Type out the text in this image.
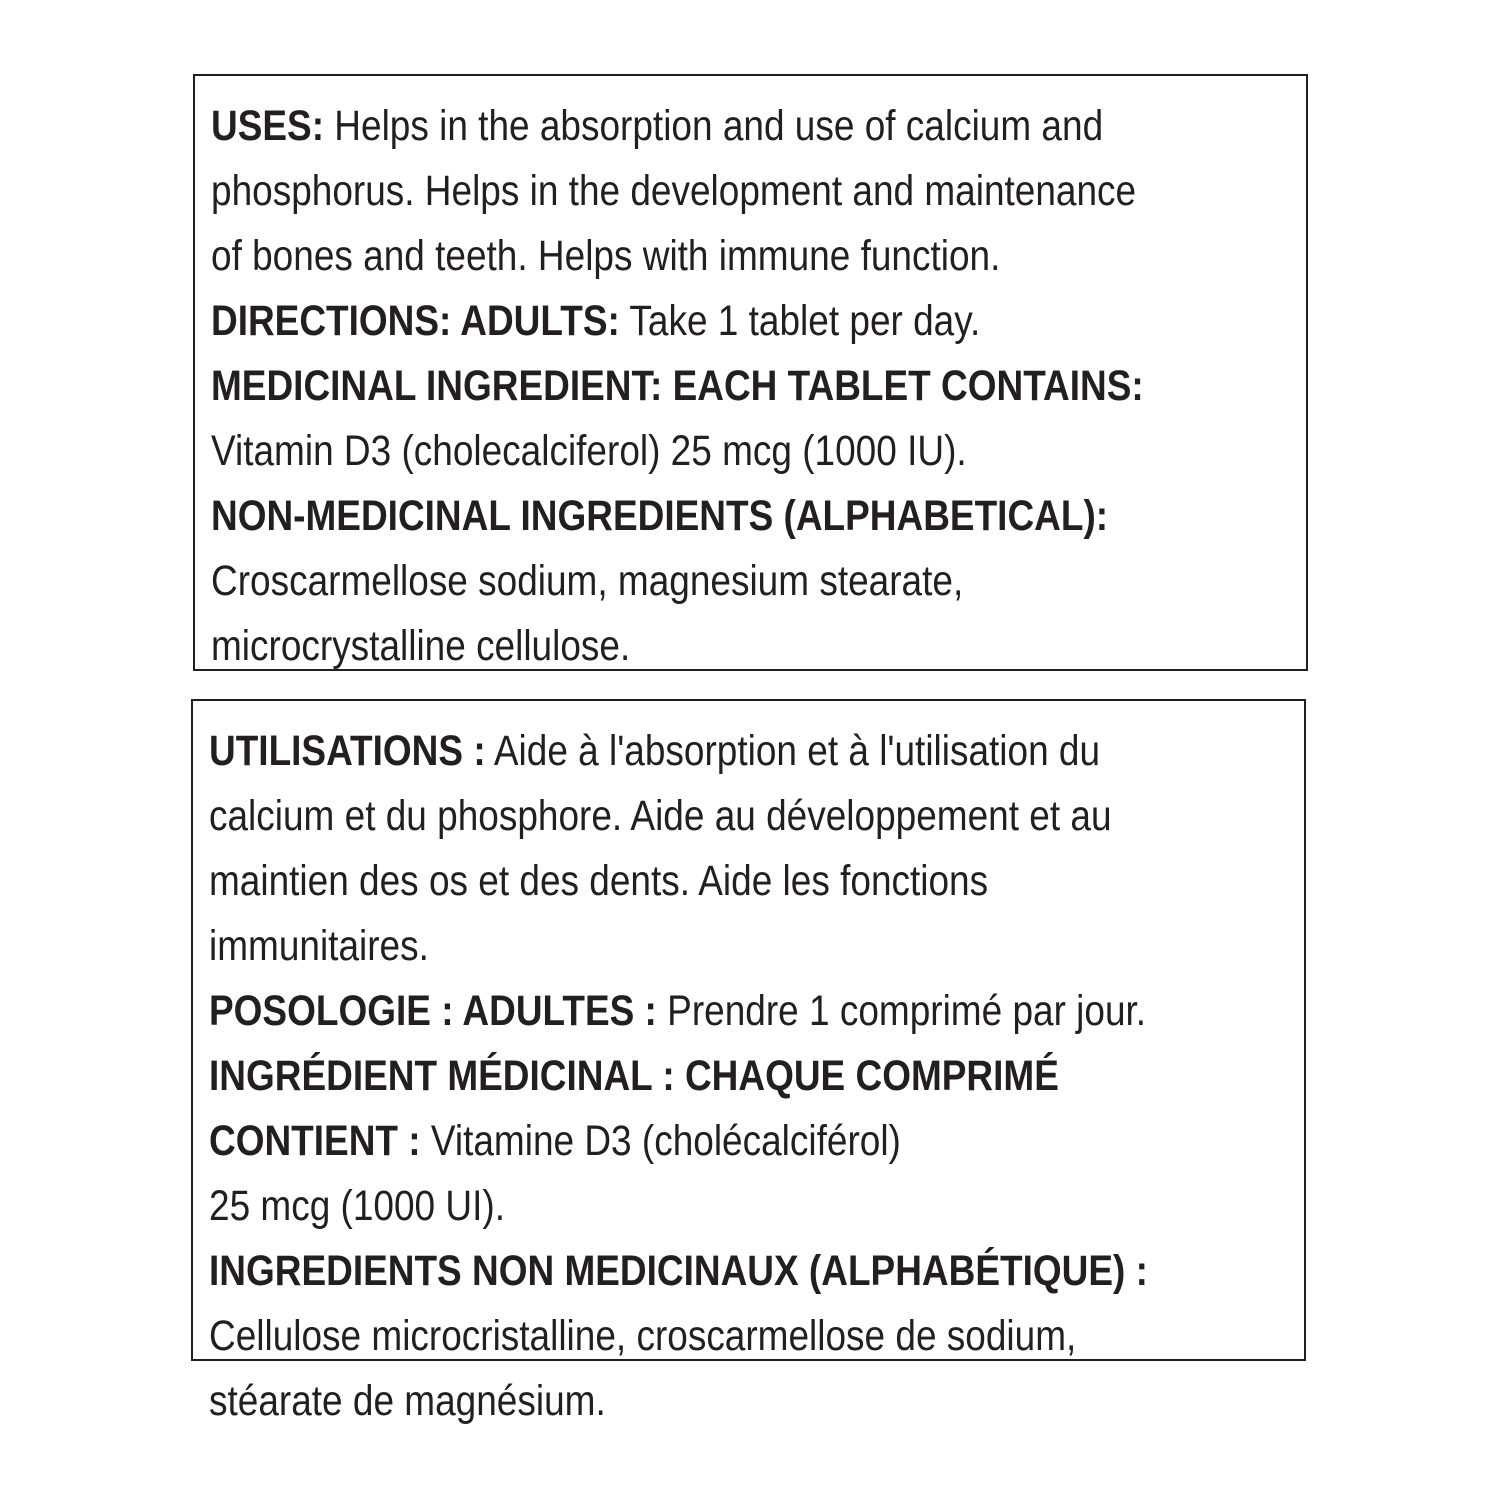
USES: Helps in the absorption and use of calcium and
phosphorus. Helps in the development and maintenance
of bones and teeth. Helps with immune function.
DIRECTIONS: ADULTS: Take 1 tablet per day.
MEDICINAL INGREDIENT: EACH TABLET CONTAINS:
Vitamin D3 (cholecalciferol) 25 mcg (1000 IU).
NON-MEDICINAL INGREDIENTS (ALPHABETICAL):
Croscarmellose sodium, magnesium stearate,
microcrystalline cellulose.
UTILISATIONS : Aide à l'absorption et à l'utilisation du
calcium et du phosphore. Aide au développement et au
maintien des os et des dents. Aide les fonctions
immunitaires.
POSOLOGIE : ADULTES : Prendre 1 comprimé par jour.
INGRÉDIENT MÉDICINAL : CHAQUE COMPRIMÉ
CONTIENT : Vitamine D3 (cholécalciférol)
25 mcg (1000 UI).
INGREDIENTS NON MEDICINAUX (ALPHABÉTIQUE) :
Cellulose microcristalline, croscarmellose de sodium,
stéarate de magnésium.
